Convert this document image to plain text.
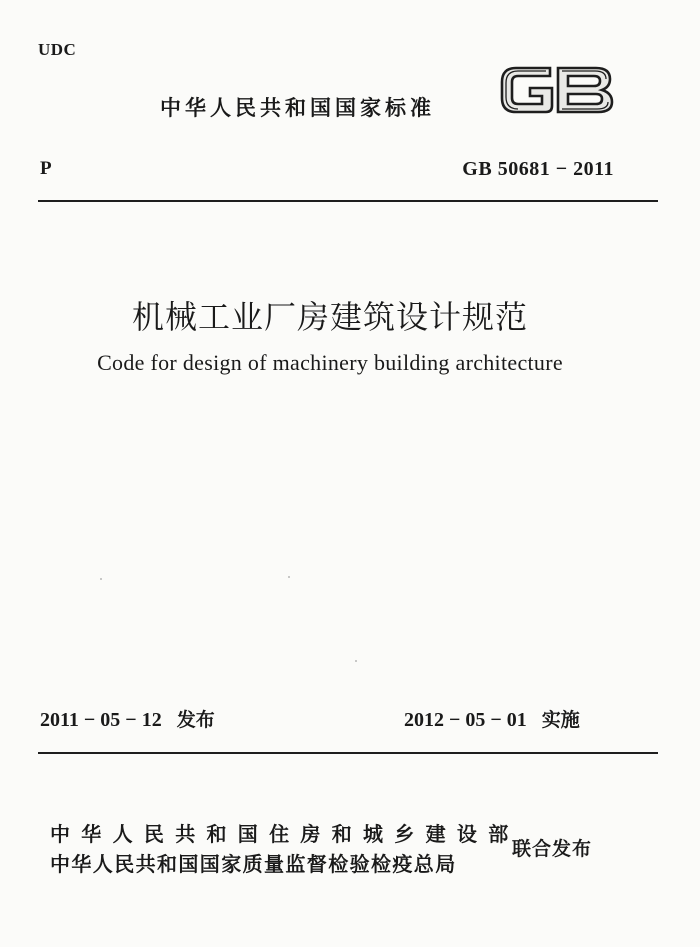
UDC
中华人民共和国国家标准
P	GB 50681 − 2011
机械工业厂房建筑设计规范
Code for design of machinery building architecture
2011 − 05 − 12 发布	2012 − 05 − 01 实施
中华人民共和国住房和城乡建设部
中华人民共和国国家质量监督检验检疫总局
联合发布
